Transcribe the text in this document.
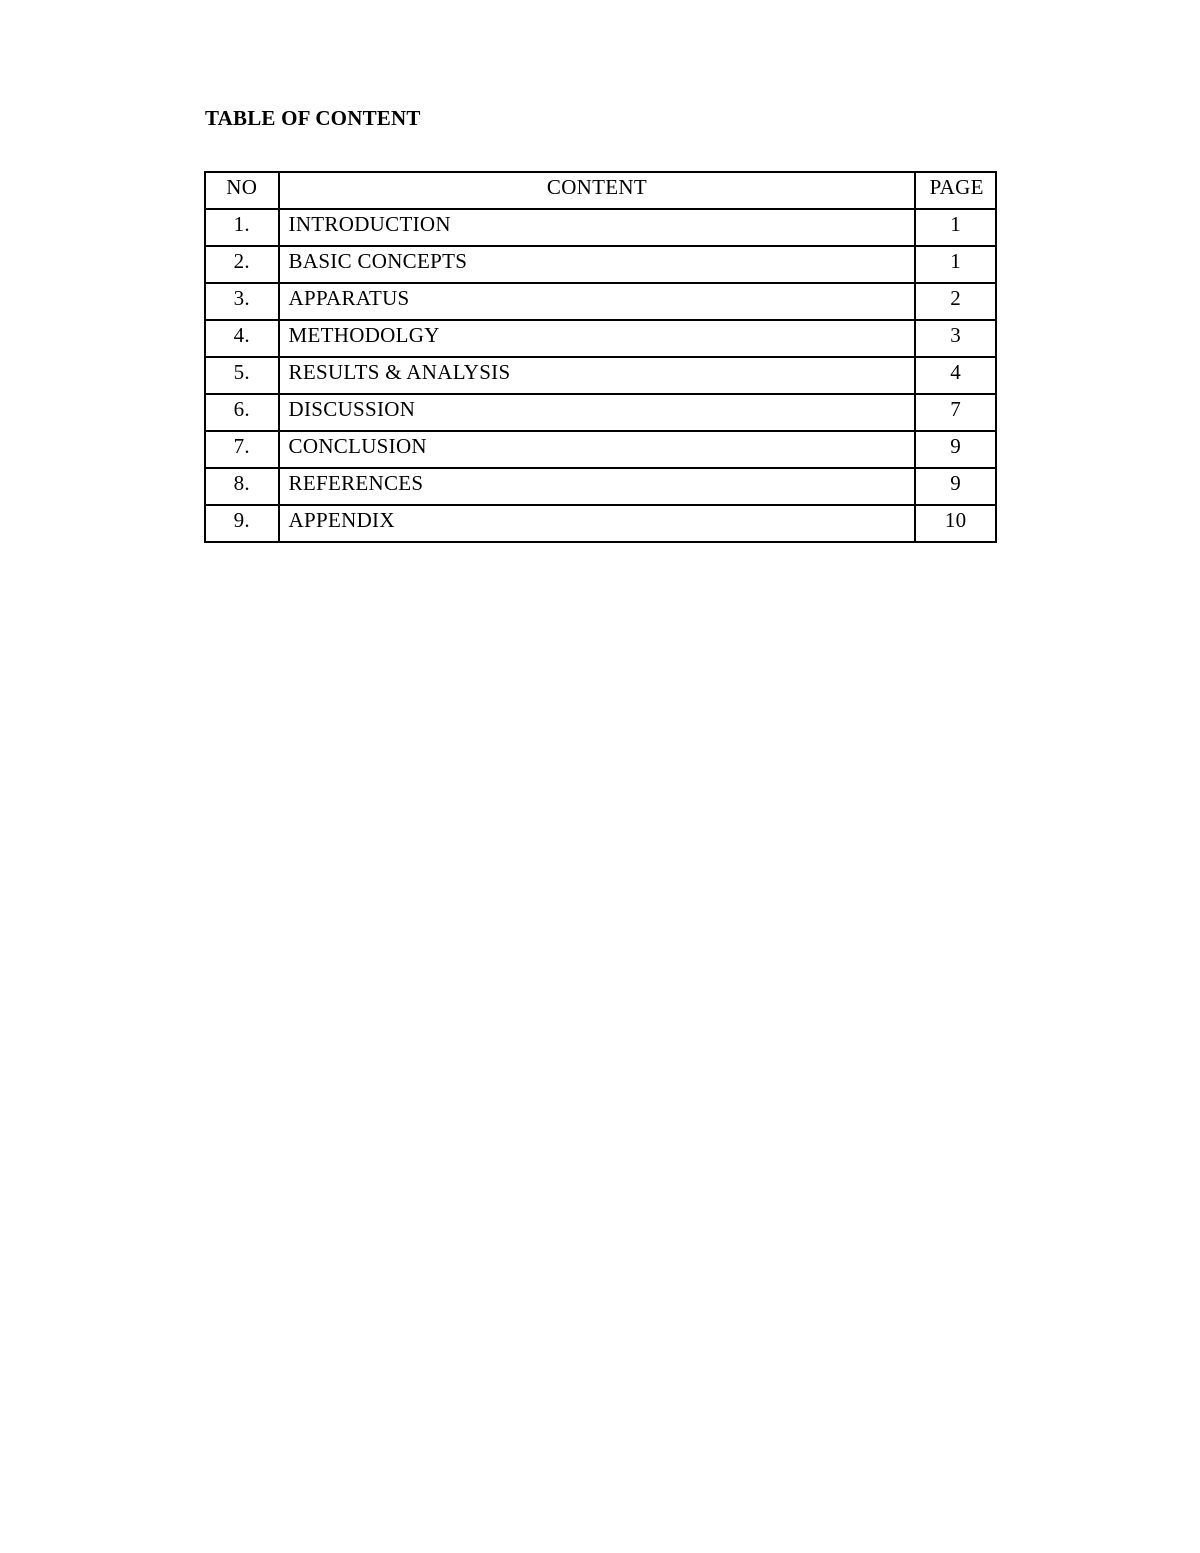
TABLE OF CONTENT
NO	CONTENT	PAGE
1.	INTRODUCTION	1
2.	BASIC CONCEPTS	1
3.	APPARATUS	2
4.	METHODOLGY	3
5.	RESULTS & ANALYSIS	4
6.	DISCUSSION	7
7.	CONCLUSION	9
8.	REFERENCES	9
9.	APPENDIX	10
